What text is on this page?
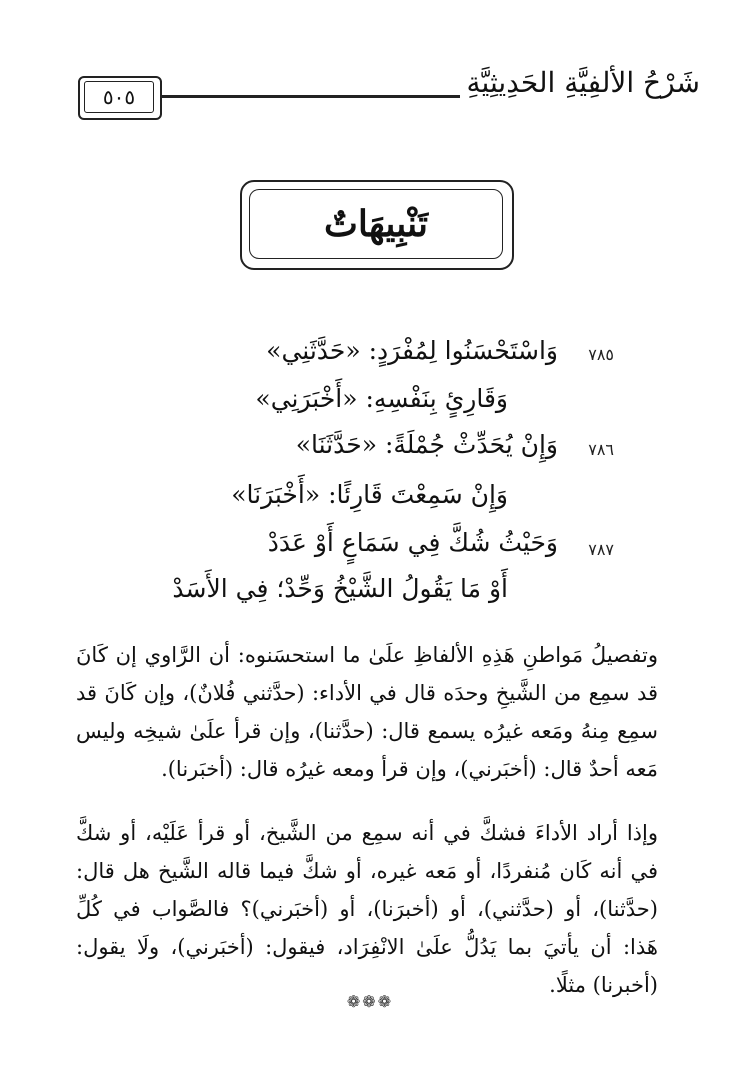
٥٠٥	شَرْحُ الألفِيَّةِ الحَدِيثِيَّةِ
تَنْبِيهَاتٌ
٧٨٥
وَاسْتَحْسَنُوا لِمُفْرَدٍ: «حَدَّثَنِي»
وَقَارِئٍ بِنَفْسِهِ: «أَخْبَرَنِي»
٧٨٦
وَإِنْ يُحَدِّثْ جُمْلَةً: «حَدَّثَنَا»
وَإِنْ سَمِعْتَ قَارِئًا: «أَخْبَرَنَا»
٧٨٧
وَحَيْثُ شُكَّ فِي سَمَاعٍ أَوْ عَدَدْ
أَوْ مَا يَقُولُ الشَّيْخُ وَحِّدْ؛ فِي الأَسَدْ
وتفصيلُ مَواطنِ هَذِهِ الألفاظِ علَىٰ ما استحسَنوه: أن الرَّاوي إن كَانَ قد سمِع من الشَّيخِ وحدَه قال في الأداء: (حدَّثني فُلانٌ)، وإن كَانَ قد سمِع مِنهُ ومَعه غيرُه يسمع قال: (حدَّثنا)، وإن قرأ علَىٰ شيخِه وليس مَعه أحدٌ قال: (أخبَرني)، وإن قرأ ومعه غيرُه قال: (أخبَرنا).
وإذا أراد الأداءَ فشكَّ في أنه سمِع من الشَّيخ، أو قرأ عَلَيْه، أو شكَّ في أنه كَان مُنفردًا، أو مَعه غيره، أو شكَّ فيما قاله الشَّيخ هل قال: (حدَّثنا)، أو (حدَّثني)، أو (أخبرَنا)، أو (أخبَرني)؟ فالصَّواب في كُلِّ هَذا: أن يأتيَ بما يَدُلُّ علَىٰ الانْفِرَاد، فيقول: (أخبَرني)، ولَا يقول: (أخبرنا) مثلًا.
❁❁❁
